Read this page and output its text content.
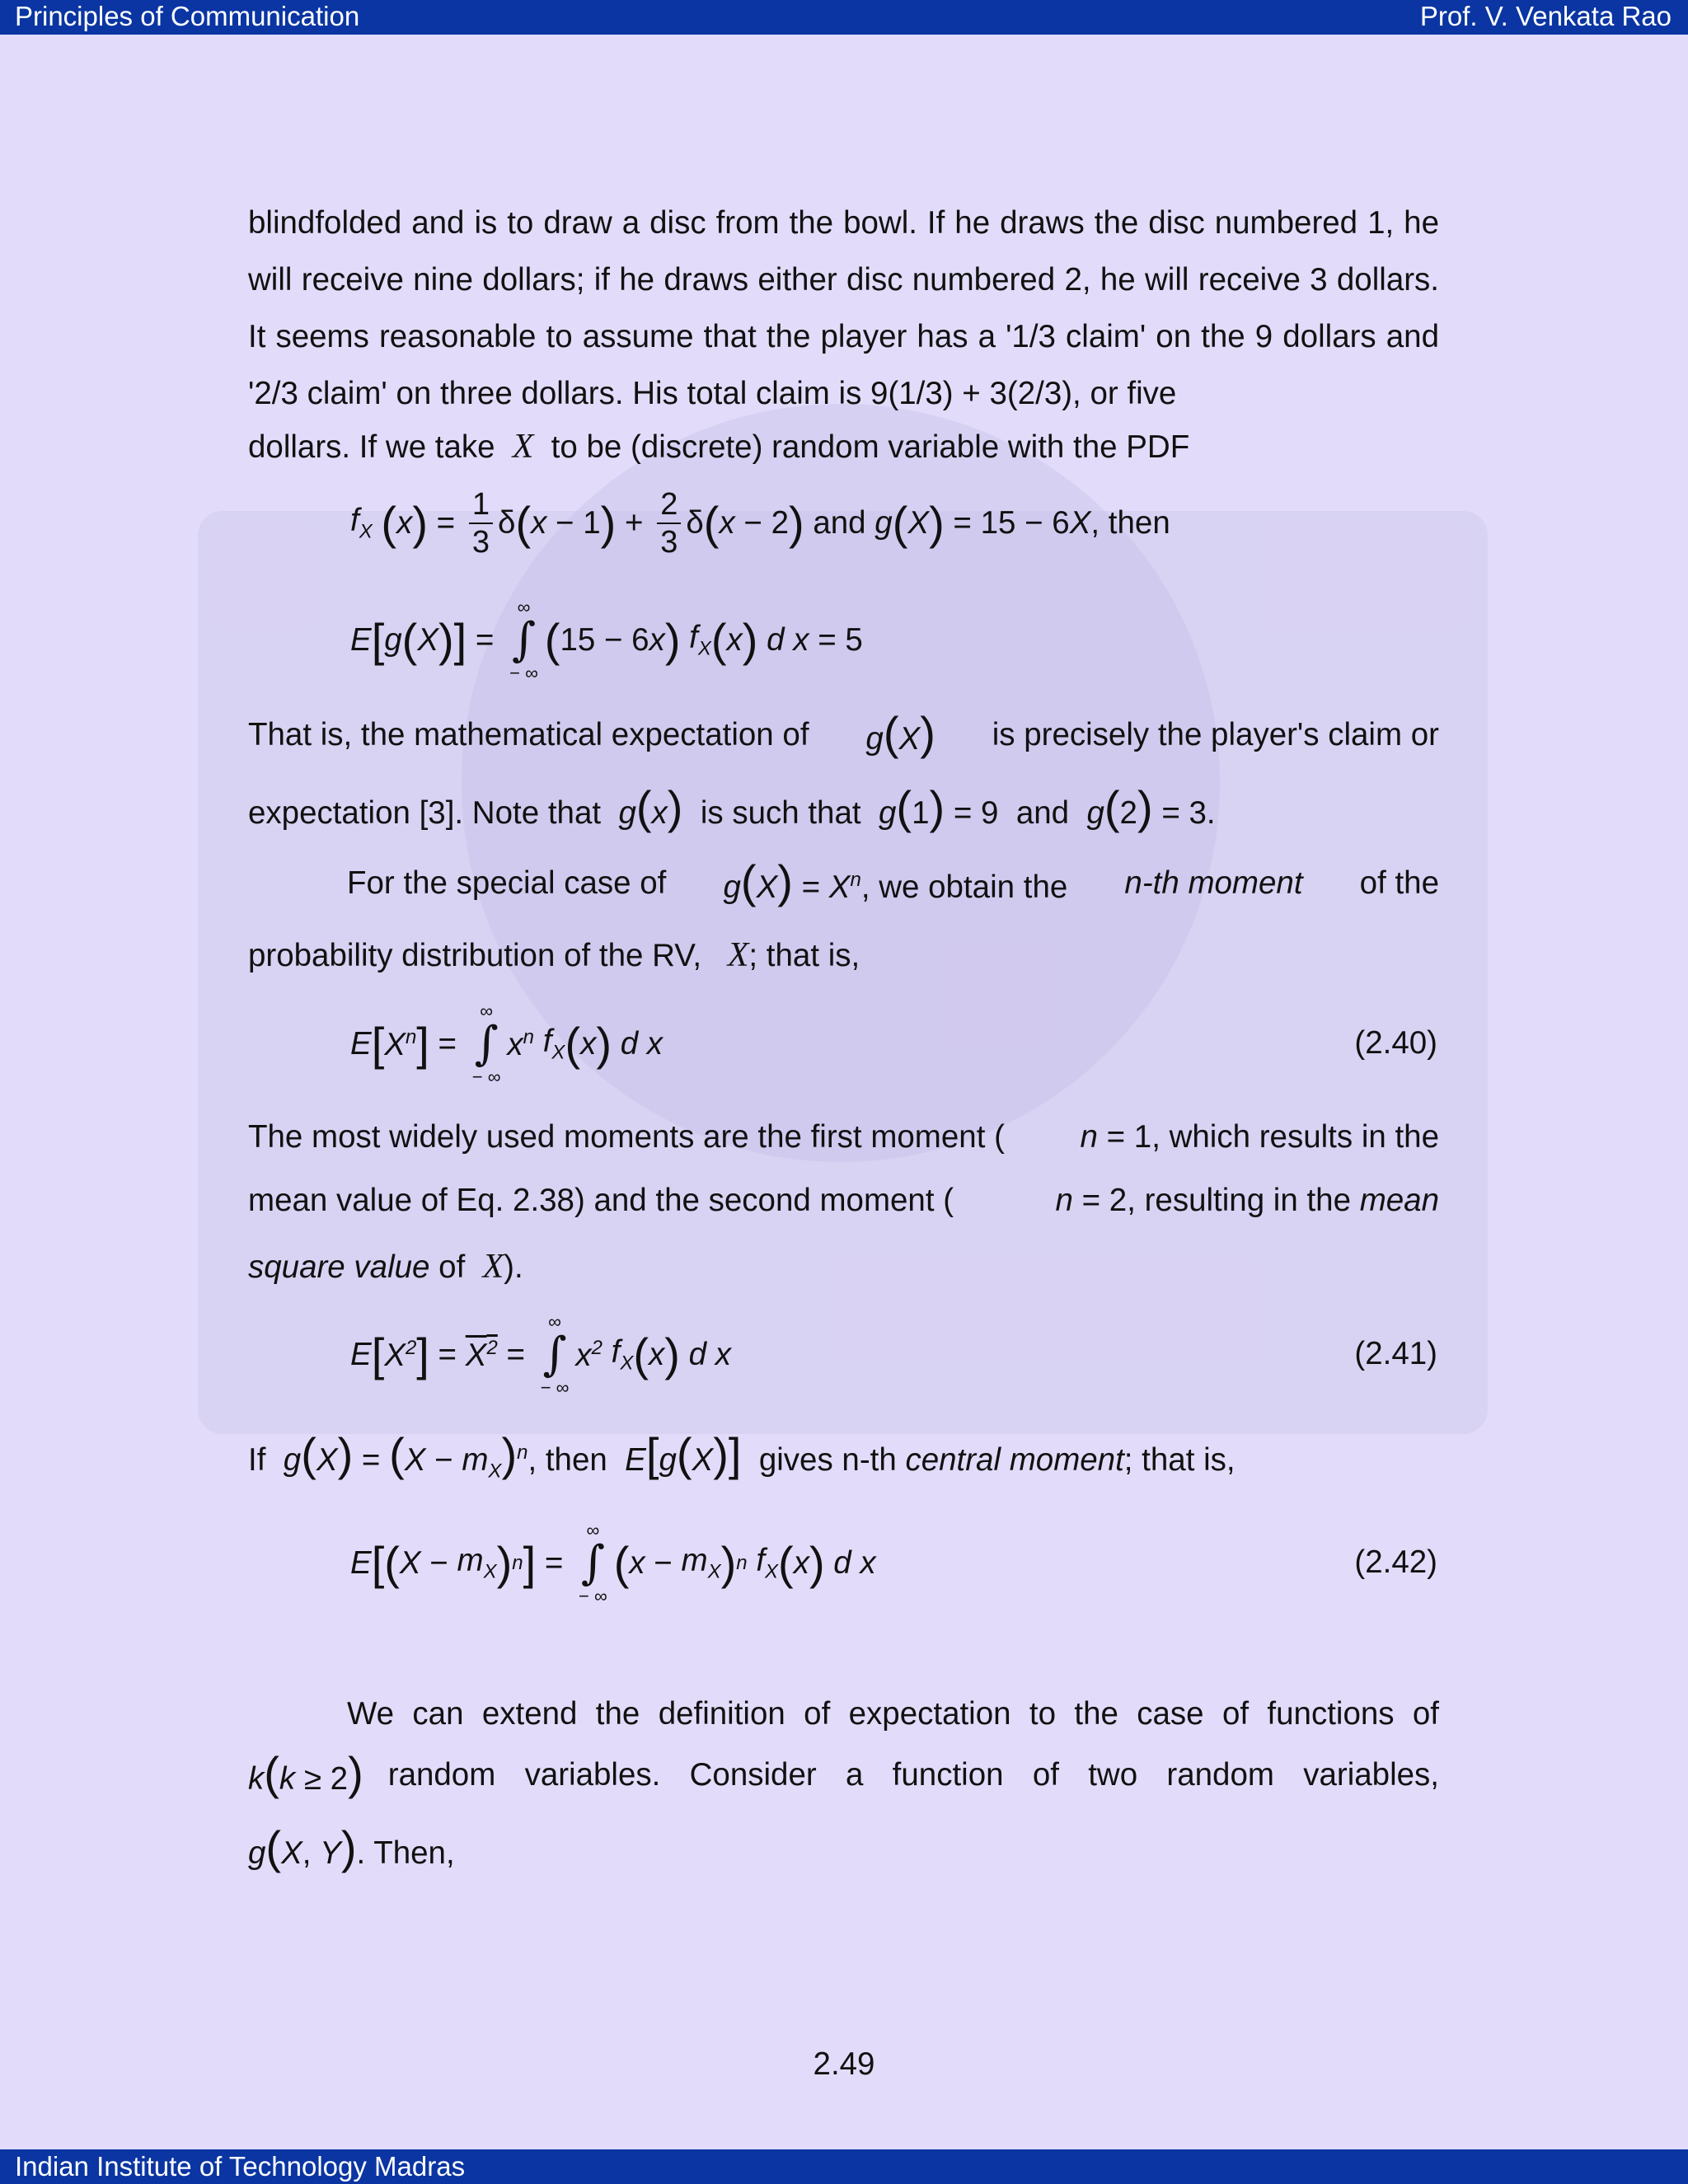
Principles of Communication	Prof. V. Venkata Rao
blindfolded and is to draw a disc from the bowl. If he draws the disc numbered 1, he will receive nine dollars; if he draws either disc numbered 2, he will receive 3 dollars. It seems reasonable to assume that the player has a '1/3 claim' on the 9 dollars and '2/3 claim' on three dollars. His total claim is 9(1/3) + 3(2/3), or five
dollars. If we take  X  to be (discrete) random variable with the PDF
$f_X$
( x ) = $\frac{1}{3}$ δ ( x − 1 ) + $\frac{2}{3}$ δ ( x − 2 )
and
g ( X ) = 15 − 6 X , then
E [ g ( X ) ] =
∞
∫
− ∞
( 15 − 6 x )
$f_X$ ( x )
d x = 5
That is, the mathematical expectation of g(X) is precisely the player's claim or
expectation [3]. Note that  g(x) is such that  g(1) = 9  and  g(2) = 3.
For the special case of $g(X) = X^n$, we obtain the n-th moment of the
probability distribution of the RV,   X; that is,
E [ $X^n$ ] =
∞
∫
− ∞
$x^n$
$f_X$ ( x )
d x	(2.40)
The most widely used moments are the first moment ( n = 1, which results in the
mean value of Eq. 2.38) and the second moment (	n = 2, resulting in the mean
square value of  X).
E [ $X^2$ ] = $X^2$ =
∞
∫
− ∞
$x^2$
$f_X$ ( x )
d x	(2.41)
If  $g(X) = (X - m_X)^n$, then  E[g(X)] gives n-th central moment; that is,
E [ ( $X - m_X$ ) n ] =
∞
∫
− ∞
( $x - m_X$ ) n
$f_X$ ( x )
d x	(2.42)
We can extend the definition of expectation to the case of functions of
k(k ≥ 2) random variables. Consider a function of two random variables,
g(X, Y). Then,
2.49
Indian Institute of Technology Madras
